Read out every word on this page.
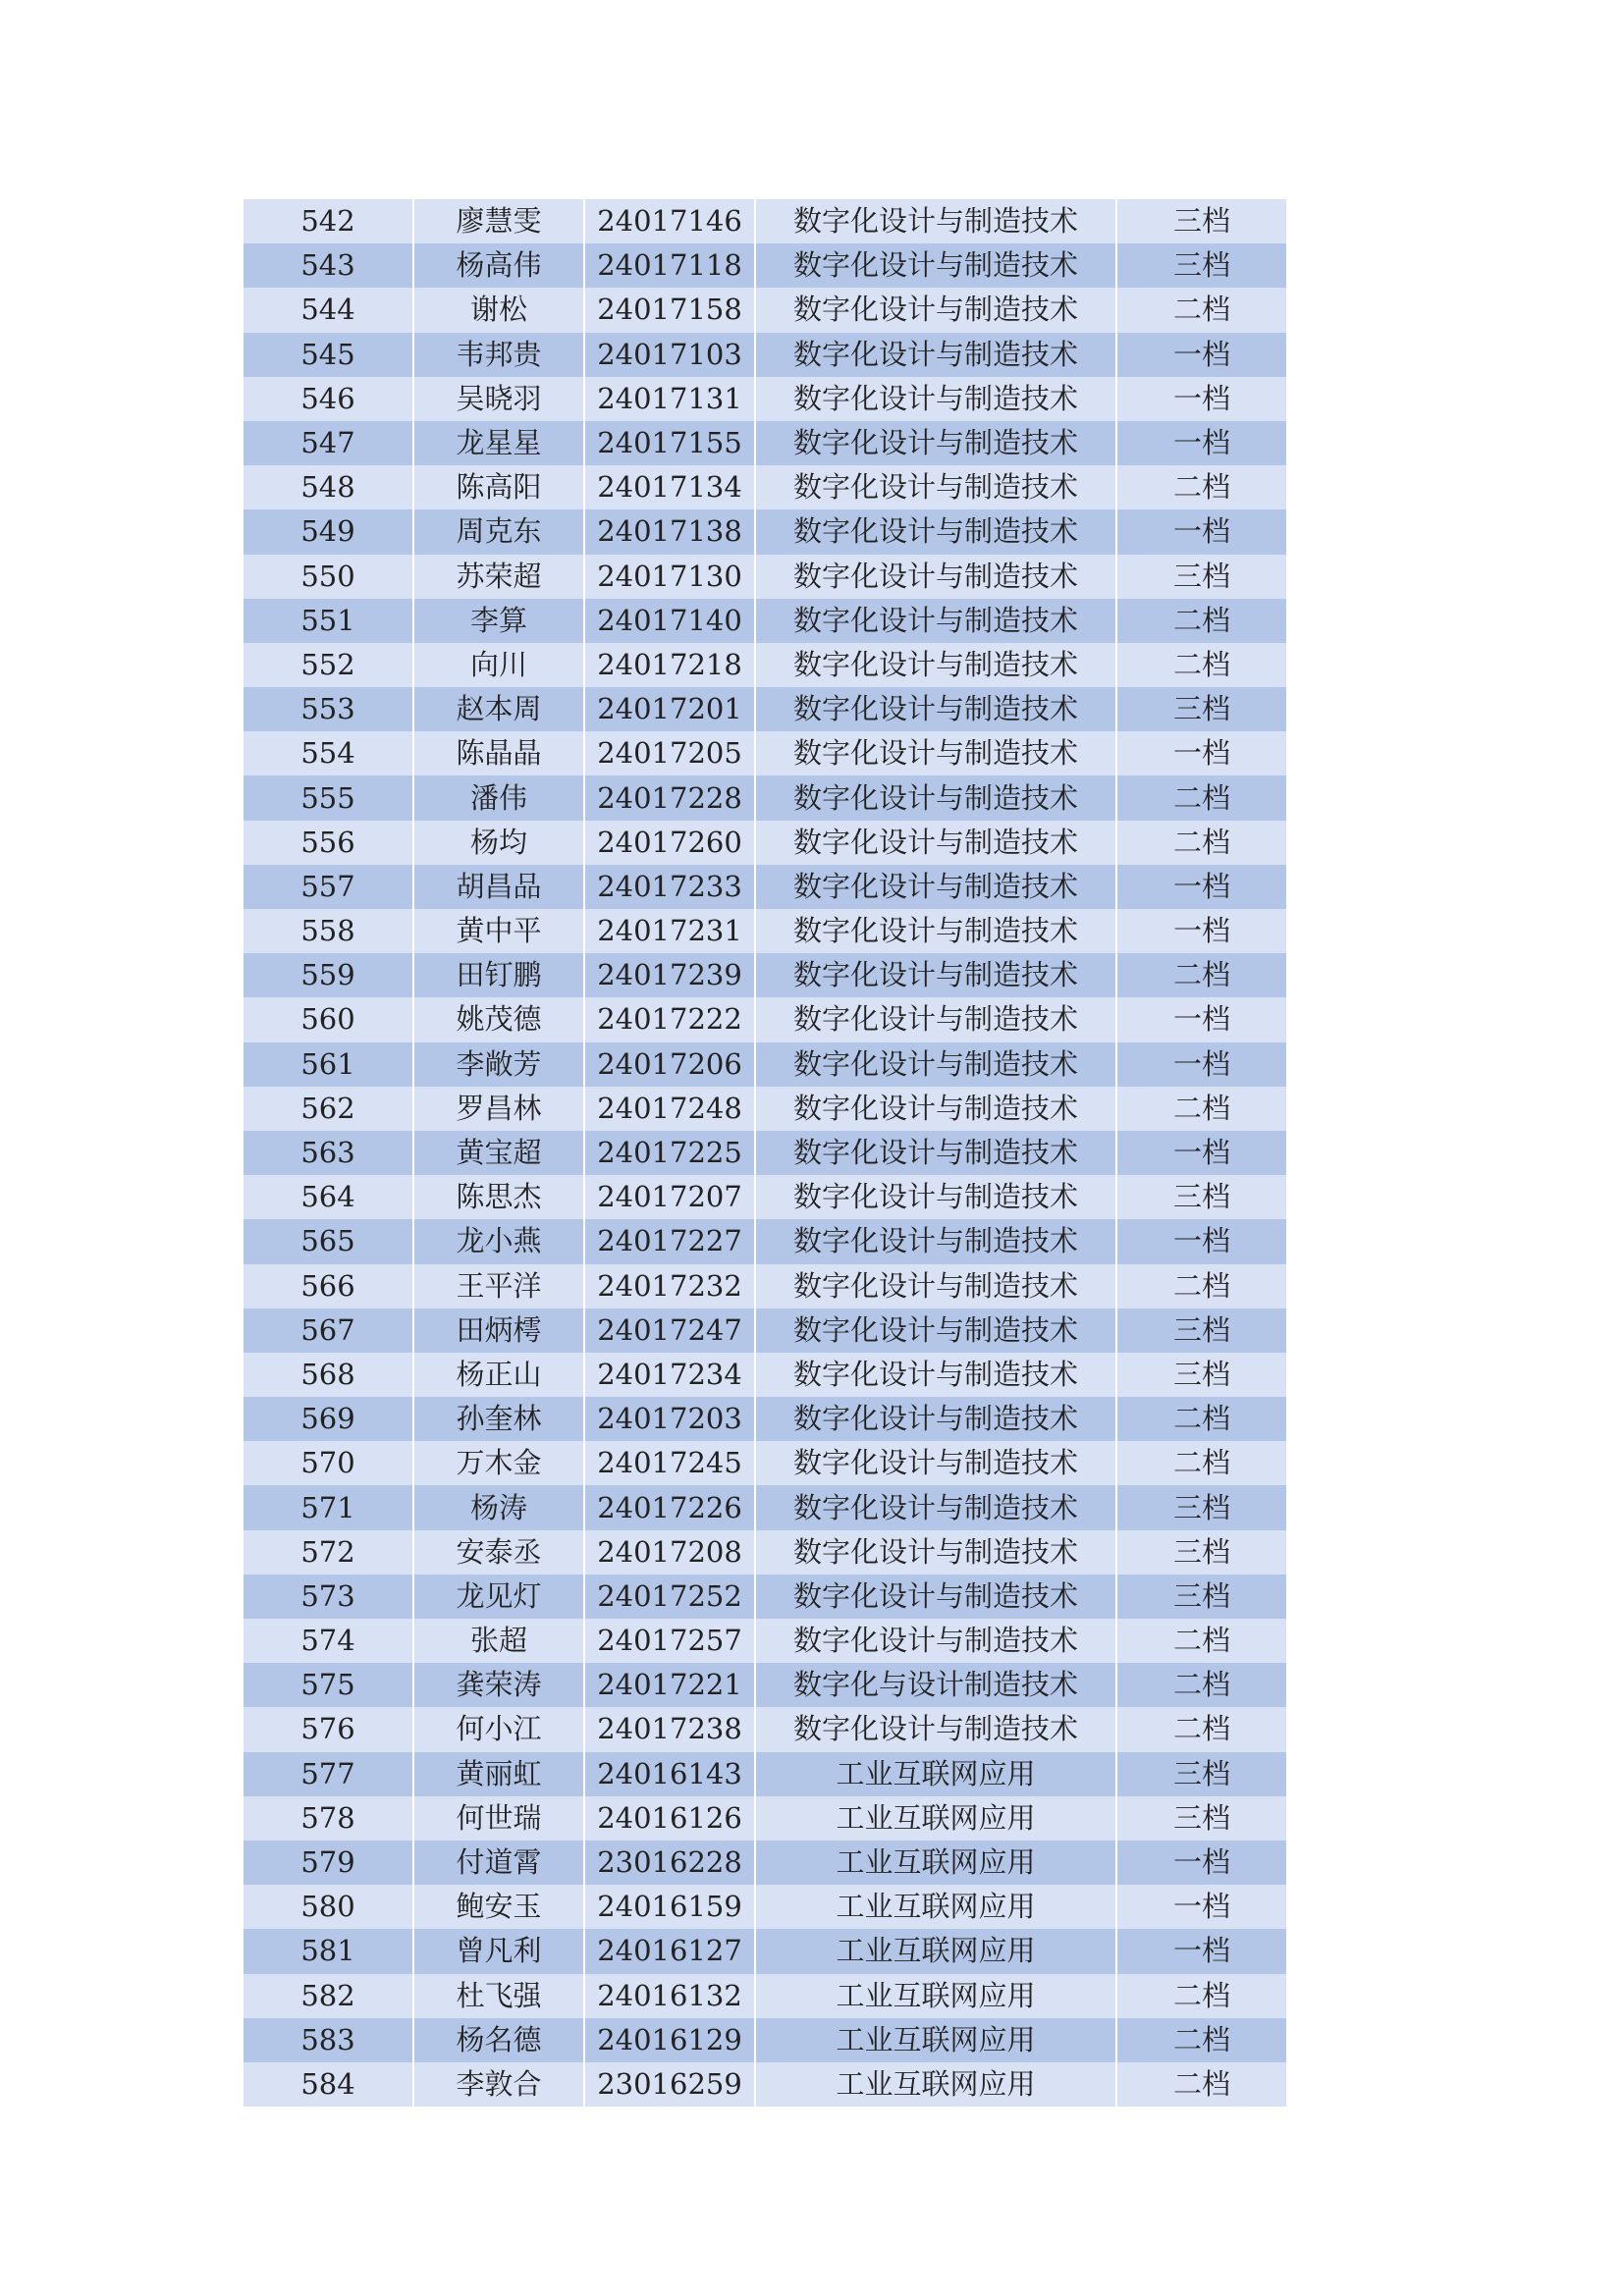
542	廖慧雯	24017146	数字化设计与制造技术	三档
543	杨高伟	24017118	数字化设计与制造技术	三档
544	谢松	24017158	数字化设计与制造技术	二档
545	韦邦贵	24017103	数字化设计与制造技术	一档
546	吴晓羽	24017131	数字化设计与制造技术	一档
547	龙星星	24017155	数字化设计与制造技术	一档
548	陈高阳	24017134	数字化设计与制造技术	二档
549	周克东	24017138	数字化设计与制造技术	一档
550	苏荣超	24017130	数字化设计与制造技术	三档
551	李算	24017140	数字化设计与制造技术	二档
552	向川	24017218	数字化设计与制造技术	二档
553	赵本周	24017201	数字化设计与制造技术	三档
554	陈晶晶	24017205	数字化设计与制造技术	一档
555	潘伟	24017228	数字化设计与制造技术	二档
556	杨均	24017260	数字化设计与制造技术	二档
557	胡昌品	24017233	数字化设计与制造技术	一档
558	黄中平	24017231	数字化设计与制造技术	一档
559	田钉鹏	24017239	数字化设计与制造技术	二档
560	姚茂德	24017222	数字化设计与制造技术	一档
561	李敞芳	24017206	数字化设计与制造技术	一档
562	罗昌林	24017248	数字化设计与制造技术	二档
563	黄宝超	24017225	数字化设计与制造技术	一档
564	陈思杰	24017207	数字化设计与制造技术	三档
565	龙小燕	24017227	数字化设计与制造技术	一档
566	王平洋	24017232	数字化设计与制造技术	二档
567	田炳樗	24017247	数字化设计与制造技术	三档
568	杨正山	24017234	数字化设计与制造技术	三档
569	孙奎林	24017203	数字化设计与制造技术	二档
570	万木金	24017245	数字化设计与制造技术	二档
571	杨涛	24017226	数字化设计与制造技术	三档
572	安泰丞	24017208	数字化设计与制造技术	三档
573	龙见灯	24017252	数字化设计与制造技术	三档
574	张超	24017257	数字化设计与制造技术	二档
575	龚荣涛	24017221	数字化与设计制造技术	二档
576	何小江	24017238	数字化设计与制造技术	二档
577	黄丽虹	24016143	工业互联网应用	三档
578	何世瑞	24016126	工业互联网应用	三档
579	付道霄	23016228	工业互联网应用	一档
580	鲍安玉	24016159	工业互联网应用	一档
581	曾凡利	24016127	工业互联网应用	一档
582	杜飞强	24016132	工业互联网应用	二档
583	杨名德	24016129	工业互联网应用	二档
584	李敦合	23016259	工业互联网应用	二档
